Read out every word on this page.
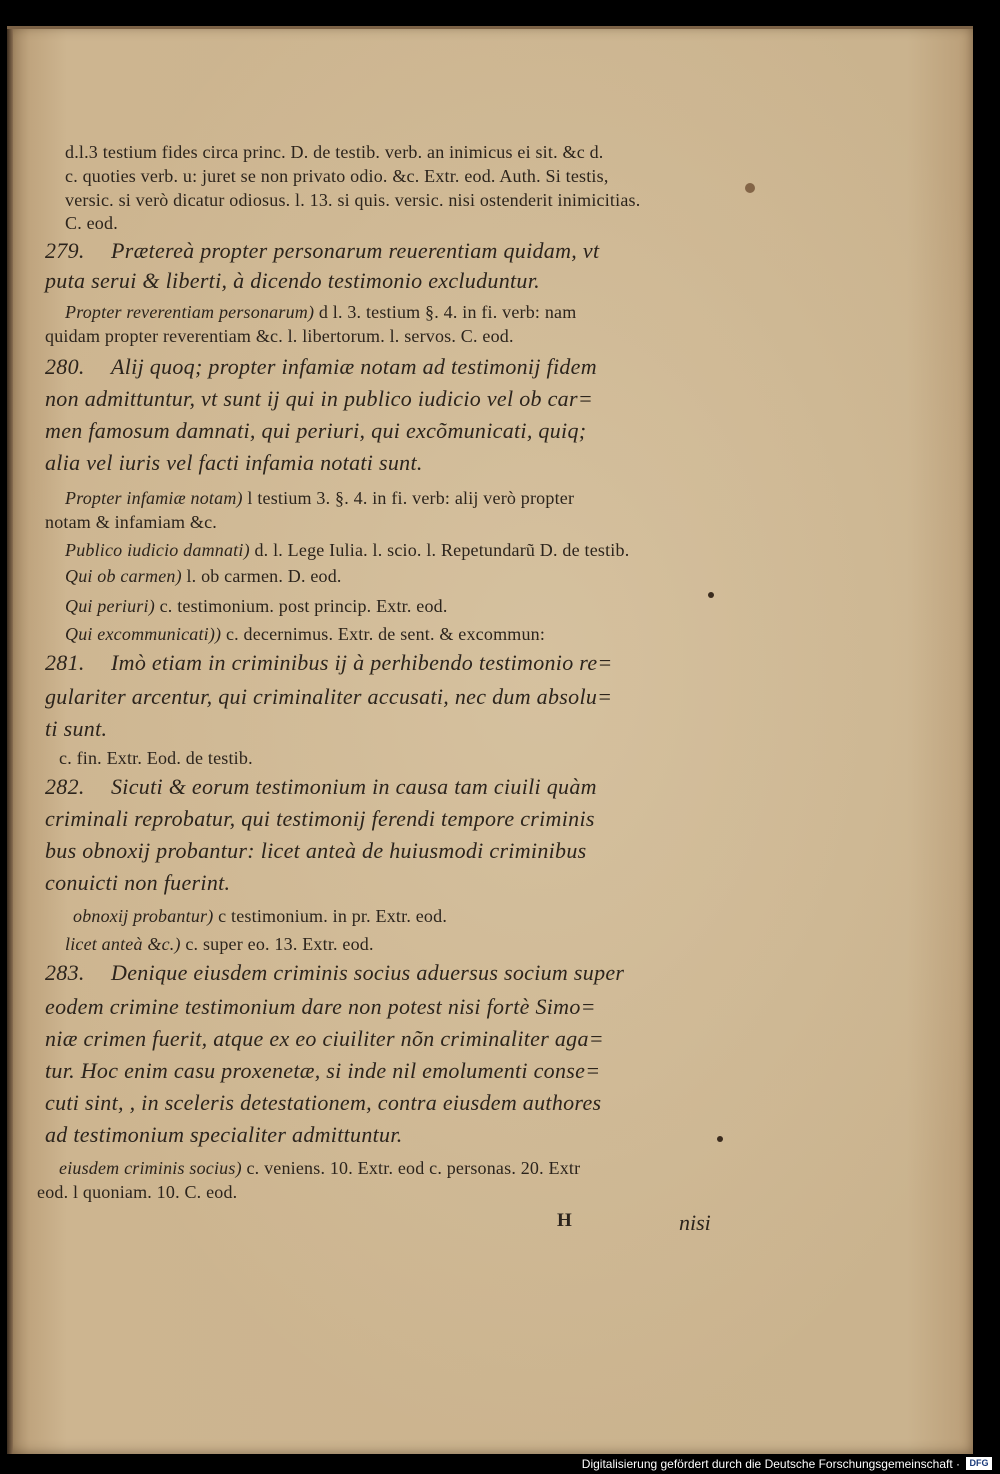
d.l.3 testium fides circa princ. D. de testib. verb. an inimicus ei sit. &c d.
c. quoties verb. u: juret se non privato odio. &c. Extr. eod. Auth. Si testis,
versic. si verò dicatur odiosus. l. 13. si quis. versic. nisi ostenderit inimicitias.
C. eod.
279. Prætereà propter personarum reuerentiam quidam, vt
puta serui & liberti, à dicendo testimonio excluduntur.
Propter reverentiam personarum) d l. 3. testium §. 4. in fi. verb: nam
quidam propter reverentiam &c. l. libertorum. l. servos. C. eod.
280. Alij quoq; propter infamiæ notam ad testimonij fidem
non admittuntur, vt sunt ij qui in publico iudicio vel ob car=
men famosum damnati, qui periuri, qui excõmunicati, quiq;
alia vel iuris vel facti infamia notati sunt.
Propter infamiæ notam) l testium 3. §. 4. in fi. verb: alij verò propter
notam & infamiam &c.
Publico iudicio damnati) d. l. Lege Iulia. l. scio. l. Repetundarũ D. de testib.
Qui ob carmen) l. ob carmen. D. eod.
Qui periuri) c. testimonium. post princip. Extr. eod.
Qui excommunicati)) c. decernimus. Extr. de sent. & excommun:
281. Imò etiam in criminibus ij à perhibendo testimonio re=
gulariter arcentur, qui criminaliter accusati, nec dum absolu=
ti sunt.
c. fin. Extr. Eod. de testib.
282. Sicuti & eorum testimonium in causa tam ciuili quàm
criminali reprobatur, qui testimonij ferendi tempore criminis
bus obnoxij probantur: licet anteà de huiusmodi criminibus
conuicti non fuerint.
obnoxij probantur) c testimonium. in pr. Extr. eod.
licet anteà &c.) c. super eo. 13. Extr. eod.
283. Denique eiusdem criminis socius aduersus socium super
eodem crimine testimonium dare non potest nisi fortè Simo=
niæ crimen fuerit, atque ex eo ciuiliter nõn criminaliter aga=
tur. Hoc enim casu proxenetæ, si inde nil emolumenti conse=
cuti sint, , in sceleris detestationem, contra eiusdem authores
ad testimonium specialiter admittuntur.
eiusdem criminis socius) c. veniens. 10. Extr. eod c. personas. 20. Extr
eod. l quoniam. 10. C. eod.
H	nisi
Digitalisierung gefördert durch die Deutsche Forschungsgemeinschaft ·	DFG
